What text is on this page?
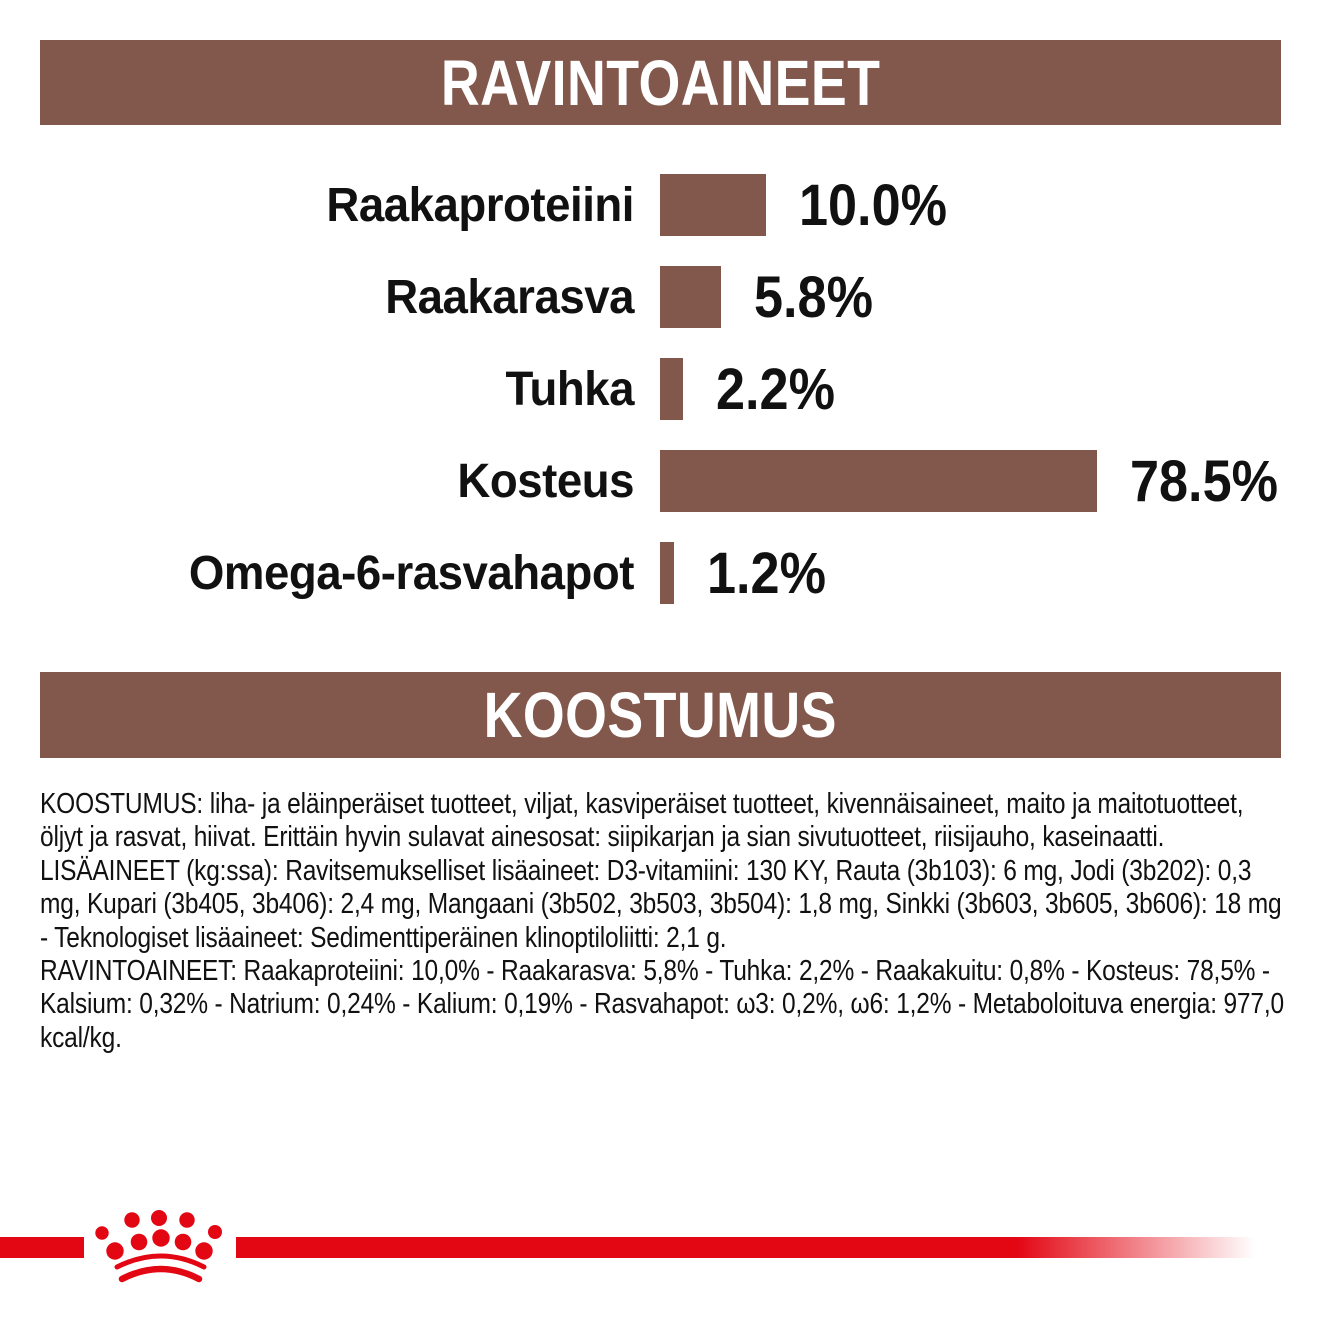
RAVINTOAINEET
Raakaproteiini	10.0%
Raakarasva 5.8%
Tuhka 2.2%
Kosteus	78.5%
Omega-6-rasvahapot 1.2%
KOOSTUMUS

KOOSTUMUS: liha- ja eläinperäiset tuotteet, viljat, kasviperäiset tuotteet, kivennäisaineet, maito ja maitotuotteet, öljyt ja rasvat, hiivat. Erittäin hyvin sulavat ainesosat: siipikarjan ja sian sivutuotteet, riisijauho, kaseinaatti.

LISÄAINEET (kg:ssa): Ravitsemukselliset lisäaineet: D3-vitamiini: 130 KY, Rauta (3b103): 6 mg, Jodi (3b202): 0,3 mg, Kupari (3b405, 3b406): 2,4 mg, Mangaani (3b502, 3b503, 3b504): 1,8 mg, Sinkki (3b603, 3b605, 3b606): 18 mg - Teknologiset lisäaineet: Sedimenttiperäinen klinoptiloliitti: 2,1 g.

RAVINTOAINEET: Raakaproteiini: 10,0% - Raakarasva: 5,8% - Tuhka: 2,2% - Raakakuitu: 0,8% - Kosteus: 78,5% - Kalsium: 0,32% - Natrium: 0,24% - Kalium: 0,19% - Rasvahapot: ω3: 0,2%, ω6: 1,2% - Metaboloituva energia: 977,0 kcal/kg.
